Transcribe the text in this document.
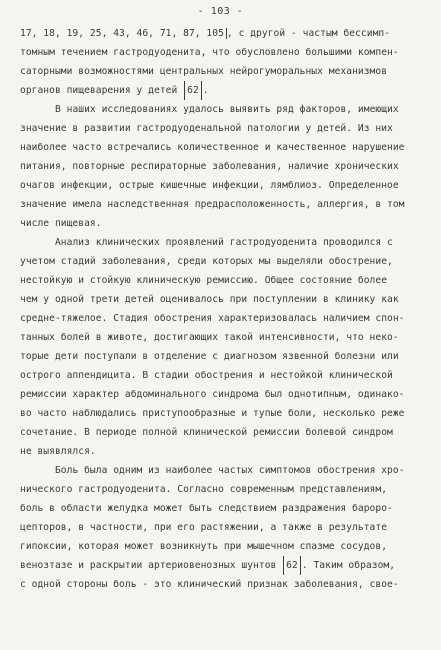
- 103 -
17, 18, 19, 25, 43, 46, 71, 87, 105 , с другой - частым бессимп-
томным течением гастродуоденита, что обусловлено большими компен-
саторными возможностями центральных нейрогуморальных механизмов
органов пищеварения у детей 62 .
В наших исследованиях удалось выявить ряд факторов, имеющих
значение в развитии гастродуоденальной патологии у детей. Из них
наиболее часто встречались количественное и качественное нарушение
питания, повторные респираторные заболевания, наличие хронических
очагов инфекции, острые кишечные инфекции, лямблиоз. Определенное
значение имела наследственная предрасположенность, аллергия, в том
числе пищевая.
Анализ клинических проявлений гастродуоденита проводился с
учетом стадий заболевания, среди которых мы выделяли обострение,
нестойкую и стойкую клиническую ремиссию. Общее состояние более
чем у одной трети детей оценивалось при поступлении в клинику как
средне-тяжелое. Стадия обострения характеризовалась наличием спон-
танных болей в животе, достигающих такой интенсивности, что неко-
торые дети поступали в отделение с диагнозом язвенной болезни или
острого аппендицита. В стадии обострения и нестойкой клинической
ремиссии характер абдоминального синдрома был однотипным, одинако-
во часто наблюдались приступообразные и тупые боли, несколько реже
сочетание. В периоде полной клинической ремиссии болевой синдром
не выявлялся.
Боль была одним из наиболее частых симптомов обострения хро-
нического гастродуоденита. Согласно современным представлениям,
боль в области желудка может быть следствием раздражения бароро-
цепторов, в частности, при его растяжении, а также в результате
гипоксии, которая может возникнуть при мышечном спазме сосудов,
венозтазе и раскрытии артериовенозных шунтов 62 . Таким образом,
с одной стороны боль - это клинический признак заболевания, свое-
